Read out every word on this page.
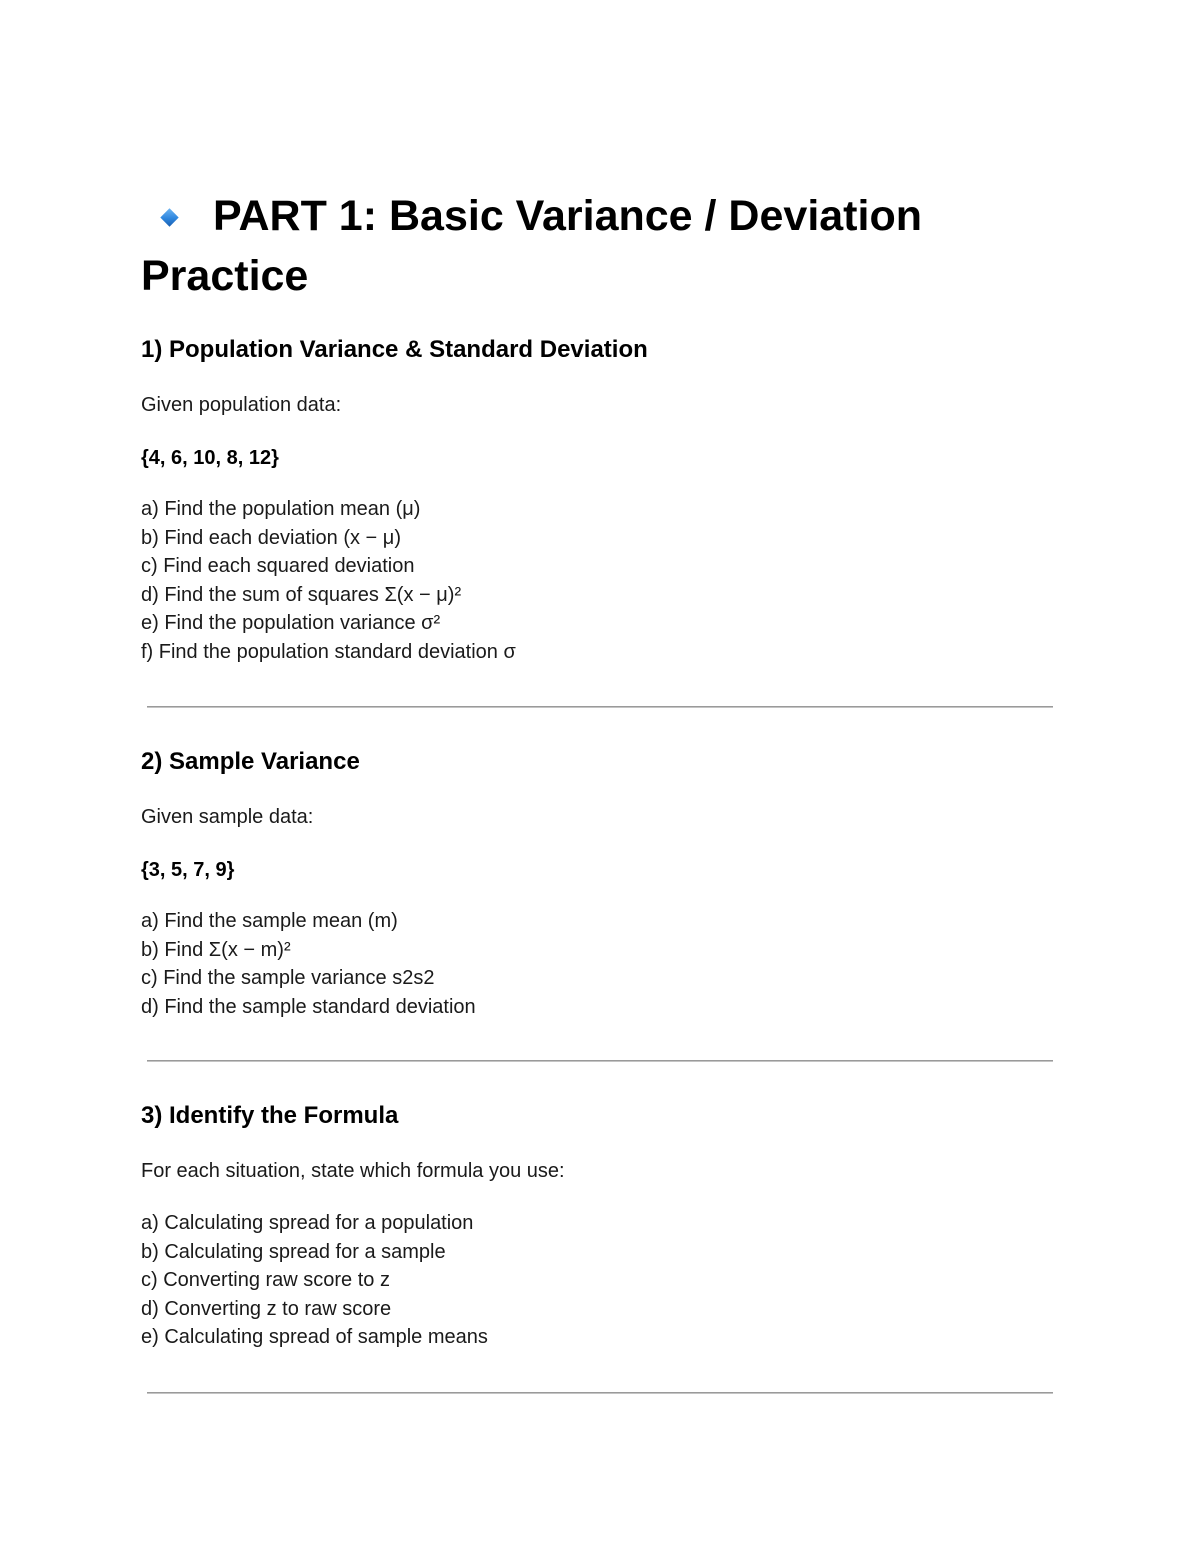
PART 1: Basic Variance / Deviation Practice
1) Population Variance & Standard Deviation

Given population data:

{4, 6, 10, 8, 12}

a) Find the population mean (μ)
b) Find each deviation (x − μ)
c) Find each squared deviation
d) Find the sum of squares Σ(x − μ)²
e) Find the population variance σ²
f) Find the population standard deviation σ
2) Sample Variance

Given sample data:

{3, 5, 7, 9}

a) Find the sample mean (m)
b) Find Σ(x − m)²
c) Find the sample variance s2s2
d) Find the sample standard deviation
3) Identify the Formula

For each situation, state which formula you use:

a) Calculating spread for a population
b) Calculating spread for a sample
c) Converting raw score to z
d) Converting z to raw score
e) Calculating spread of sample means
